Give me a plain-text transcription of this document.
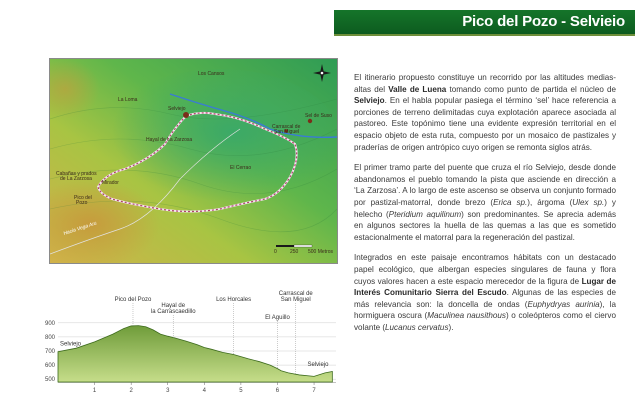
Pico del Pozo - Selvieio
Los Cansos
La Loma
Selviejo
Sel de Suso
Carrascal de San Miguel
Hayal de La Zarzosa
El Cerrao
Cabañas y prados de La Zarzosa
Mirador
Pico del Pozo
Hacia Vega Aru
0	250 500 Metros
Selviejo
Pico del Pozo
Hayal de
la Carrascaedillo
Los Horcales
El Aguillo
Carrascal de
San Miguel
Selviejo
900
800
700
600
500
1	2	3	4	5	6	7

El itinerario propuesto constituye un recorrido por las altitudes medias-altas del Valle de Luena tomando como punto de partida el núcleo de Selviejo. En el habla popular pasiega el término ‘sel’ hace referencia a porciones de terreno delimitadas cuya explotación aparece asociada al pastoreo. Este topónimo tiene una evidente expresión territorial en el espacio objeto de esta ruta, compuesto por un mosaico de pastizales y praderías de origen antrópico cuyo origen se remonta siglos atrás.

El primer tramo parte del puente que cruza el río Selviejo, desde donde abandonamos el pueblo tomando la pista que asciende en dirección a ‘La Zarzosa’. A lo largo de este ascenso se observa un conjunto formado por pastizal-matorral, donde brezo (Erica sp.), árgoma (Ulex sp.) y helecho (Pteridium aquilinum) son predominantes. Se aprecia además en algunos sectores la huella de las quemas a las que es sometido estacionalmente el matorral para la regeneración del pastizal.

Integrados en este paisaje encontramos hábitats con un destacado papel ecológico, que albergan especies singulares de fauna y flora cuyos valores hacen a este espacio merecedor de la figura de Lugar de Interés Comunitario Sierra del Escudo. Algunas de las especies de más relevancia son: la doncella de ondas (Euphydryas aurinia), la hormiguera oscura (Maculinea nausithous) o coleópteros como el ciervo volante (Lucanus cervatus).
